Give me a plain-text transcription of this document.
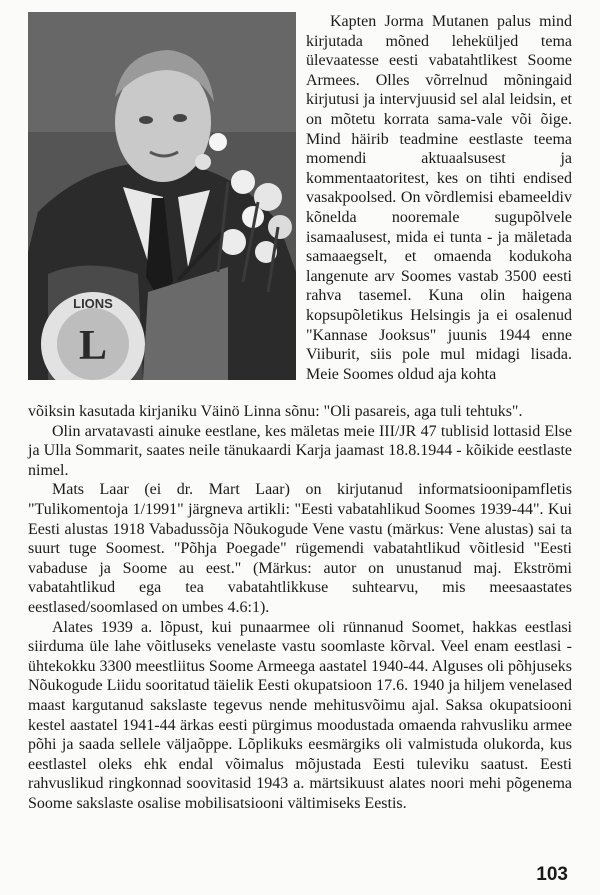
L
LIONS

Kapten Jorma Mutanen palus mind kirjutada mõned leheküljed temа ülevaatesse eesti vabatahtlikest Soome Armees. Olles võrrelnud mõningaid kirjutusi ja intervjuusid sel alal leidsin, et on mõtetu korrata sama-vale või õige. Mind häirib teadmine eestlaste teema momendi aktuaalsusest ja kommentaatoritest, kes on tihti endised vasakpoolsed. On võrdlemisi ebameeldiv kõnelda nooremale sugupõlvele isamaalusest, mida ei tunta - ja mäletada samaaegselt, et omaenda kodukoha langenute arv Soomes vastab 3500 eesti rahva tasemel. Kuna olin haigena kopsupõletikus Helsingis ja ei osalenud "Kannase Jooksus" juunis 1944 enne Viiburit, siis pole mul midagi lisada. Meie Soomes oldud aja kohta

võiksin kasutada kirjaniku Väinö Linna sõnu: "Oli pasareis, aga tuli tehtuks".

Olin arvatavasti ainuke eestlane, kes mäletas meie III/JR 47 tublisid lottasid Else ja Ulla Sommarit, saates neile tänukaardi Karja jaamast 18.8.1944 - kõikide eestlaste nimel.

Mats Laar (ei dr. Mart Laar) on kirjutanud informatsioonipamfletis "Tulikomentoja 1/1991" järgneva artikli: "Eesti vabatahlikud Soomes 1939-44". Kui Eesti alustas 1918 Vabadussõja Nõukogude Vene vastu (märkus: Vene alustas) sai ta suurt tuge Soomest. "Põhja Poegade" rügemendi vabatahtlikud võitlesid "Eesti vabaduse ja Soome au eest." (Märkus: autor on unustanud maj. Ekströmi vabatahtlikud ega tea vabatahtlikkuse suhtearvu, mis meesaastates eestlased/soomlased on umbes 4.6:1).

Alates 1939 a. lõpust, kui punaarmee oli rünnanud Soomet, hakkas eestlasi siirduma üle lahe võitluseks venelaste vastu soomlaste kõrval. Veel enam eestlasi - ühtekokku 3300 meestliitus Soome Armeega aastatel 1940-44. Alguses oli põhjuseks Nõukogude Liidu sooritatud täielik Eesti okupatsioon 17.6. 1940 ja hiljem venelased maast kargutanud sakslaste tegevus nende mehitusvõimu ajal. Saksa okupatsiooni kestel aastatel 1941-44 ärkas eesti pürgimus moodustada omaenda rahvusliku armee põhi ja saada sellele väljaõppe. Lõplikuks eesmärgiks oli valmistuda olukorda, kus eestlastel oleks ehk endal võimalus mõjustada Eesti tuleviku saatust. Eesti rahvuslikud ringkonnad soovitasid 1943 a. märtsikuust alates noori mehi põgenema Soome sakslaste osalise mobilisatsiooni vältimiseks Eestis.

103
